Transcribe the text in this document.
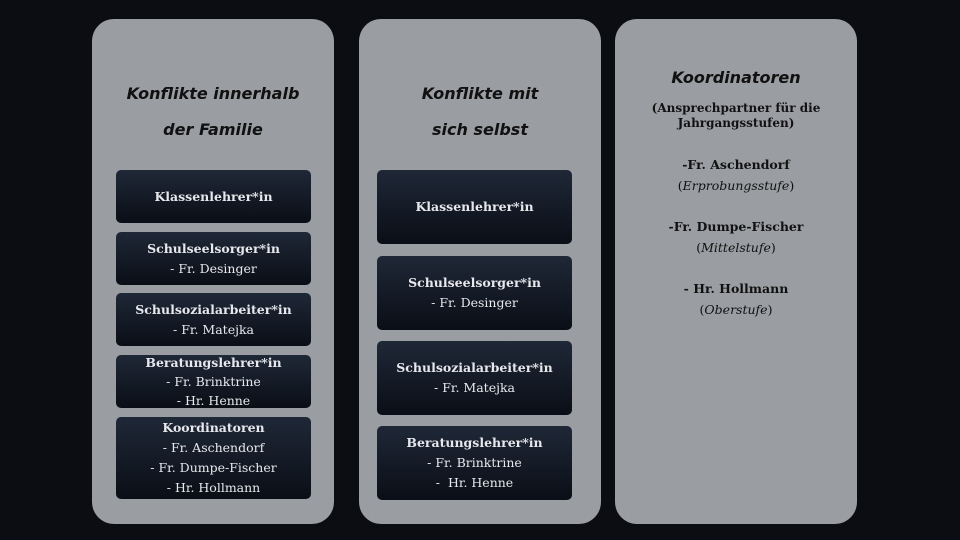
Konflikte innerhalb
der Familie
Klassenlehrer*in
Schulseelsorger*in
- Fr. Desinger
Schulsozialarbeiter*in
- Fr. Matejka
Beratungslehrer*in
- Fr. Brinktrine
- Hr. Henne
Koordinatoren
- Fr. Aschendorf
- Fr. Dumpe-Fischer
- Hr. Hollmann
Konflikte mit
sich selbst
Klassenlehrer*in
Schulseelsorger*in
- Fr. Desinger
Schulsozialarbeiter*in
- Fr. Matejka
Beratungslehrer*in
- Fr. Brinktrine
-  Hr. Henne
Koordinatoren
(Ansprechpartner für die
Jahrgangsstufen)
-Fr. Aschendorf
(Erprobungsstufe)
-Fr. Dumpe-Fischer
(Mittelstufe)
- Hr. Hollmann
(Oberstufe)
